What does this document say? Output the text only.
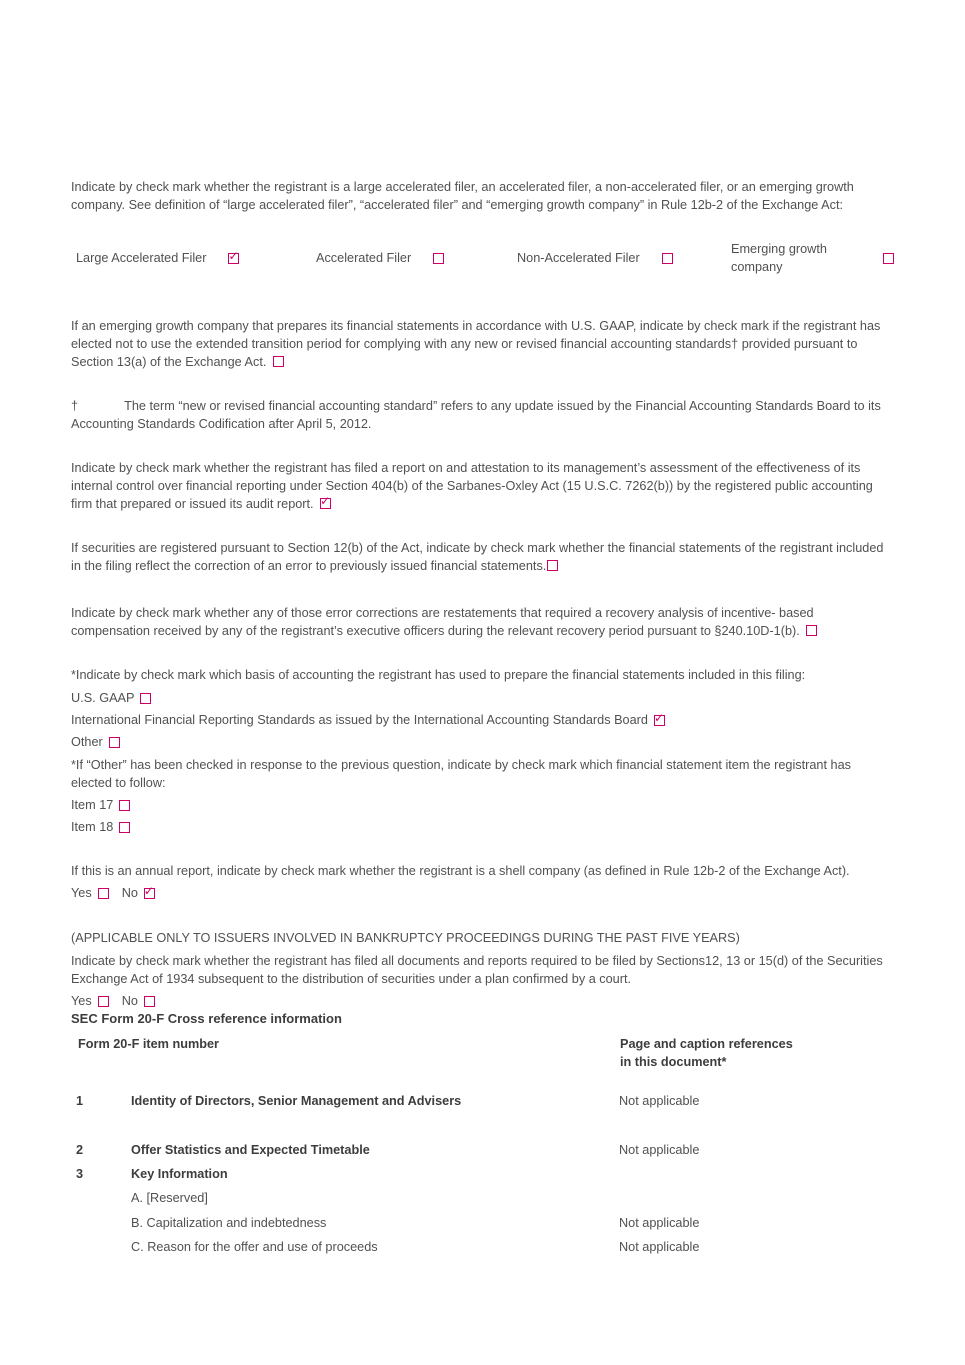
Indicate by check mark whether the registrant is a large accelerated filer, an accelerated filer, a non-accelerated filer, or an emerging growth company. See definition of “large accelerated filer”, “accelerated filer” and “emerging growth company” in Rule 12b-2 of the Exchange Act:

Large Accelerated Filer ✓	Accelerated Filer	Non-Accelerated Filer
Emerging growth company

If an emerging growth company that prepares its financial statements in accordance with U.S. GAAP, indicate by check mark if the registrant has elected not to use the extended transition period for complying with any new or revised financial accounting standards† provided pursuant to Section 13(a) of the Exchange Act.

†	The term “new or revised financial accounting standard” refers to any update issued by the Financial Accounting Standards Board to its Accounting Standards Codification after April 5, 2012.

Indicate by check mark whether the registrant has filed a report on and attestation to its management’s assessment of the effectiveness of its internal control over financial reporting under Section 404(b) of the Sarbanes-Oxley Act (15 U.S.C. 7262(b)) by the registered public accounting firm that prepared or issued its audit report. ✓

If securities are registered pursuant to Section 12(b) of the Act, indicate by check mark whether the financial statements of the registrant included in the filing reflect the correction of an error to previously issued financial statements.

Indicate by check mark whether any of those error corrections are restatements that required a recovery analysis of incentive- based compensation received by any of the registrant’s executive officers during the relevant recovery period pursuant to §240.10D-1(b).

*Indicate by check mark which basis of accounting the registrant has used to prepare the financial statements included in this filing:

U.S. GAAP
International Financial Reporting Standards as issued by the International Accounting Standards Board
✓
Other

*If “Other” has been checked in response to the previous question, indicate by check mark which financial statement item the registrant has elected to follow:

Item 17
Item 18

If this is an annual report, indicate by check mark whether the registrant is a shell company (as defined in Rule 12b-2 of the Exchange Act).

Yes No
✓

(APPLICABLE ONLY TO ISSUERS INVOLVED IN BANKRUPTCY PROCEEDINGS DURING THE PAST FIVE YEARS)

Indicate by check mark whether the registrant has filed all documents and reports required to be filed by Sections12, 13 or 15(d) of the Securities Exchange Act of 1934 subsequent to the distribution of securities under a plan confirmed by a court.

Yes No

SEC Form 20-F Cross reference information

Form 20-F item number	Page and caption references
in this document*
1	Identity of Directors, Senior Management and Advisers	Not applicable
2	Offer Statistics and Expected Timetable	Not applicable
3	Key Information
A. [Reserved]
B. Capitalization and indebtedness	Not applicable
C. Reason for the offer and use of proceeds	Not applicable
